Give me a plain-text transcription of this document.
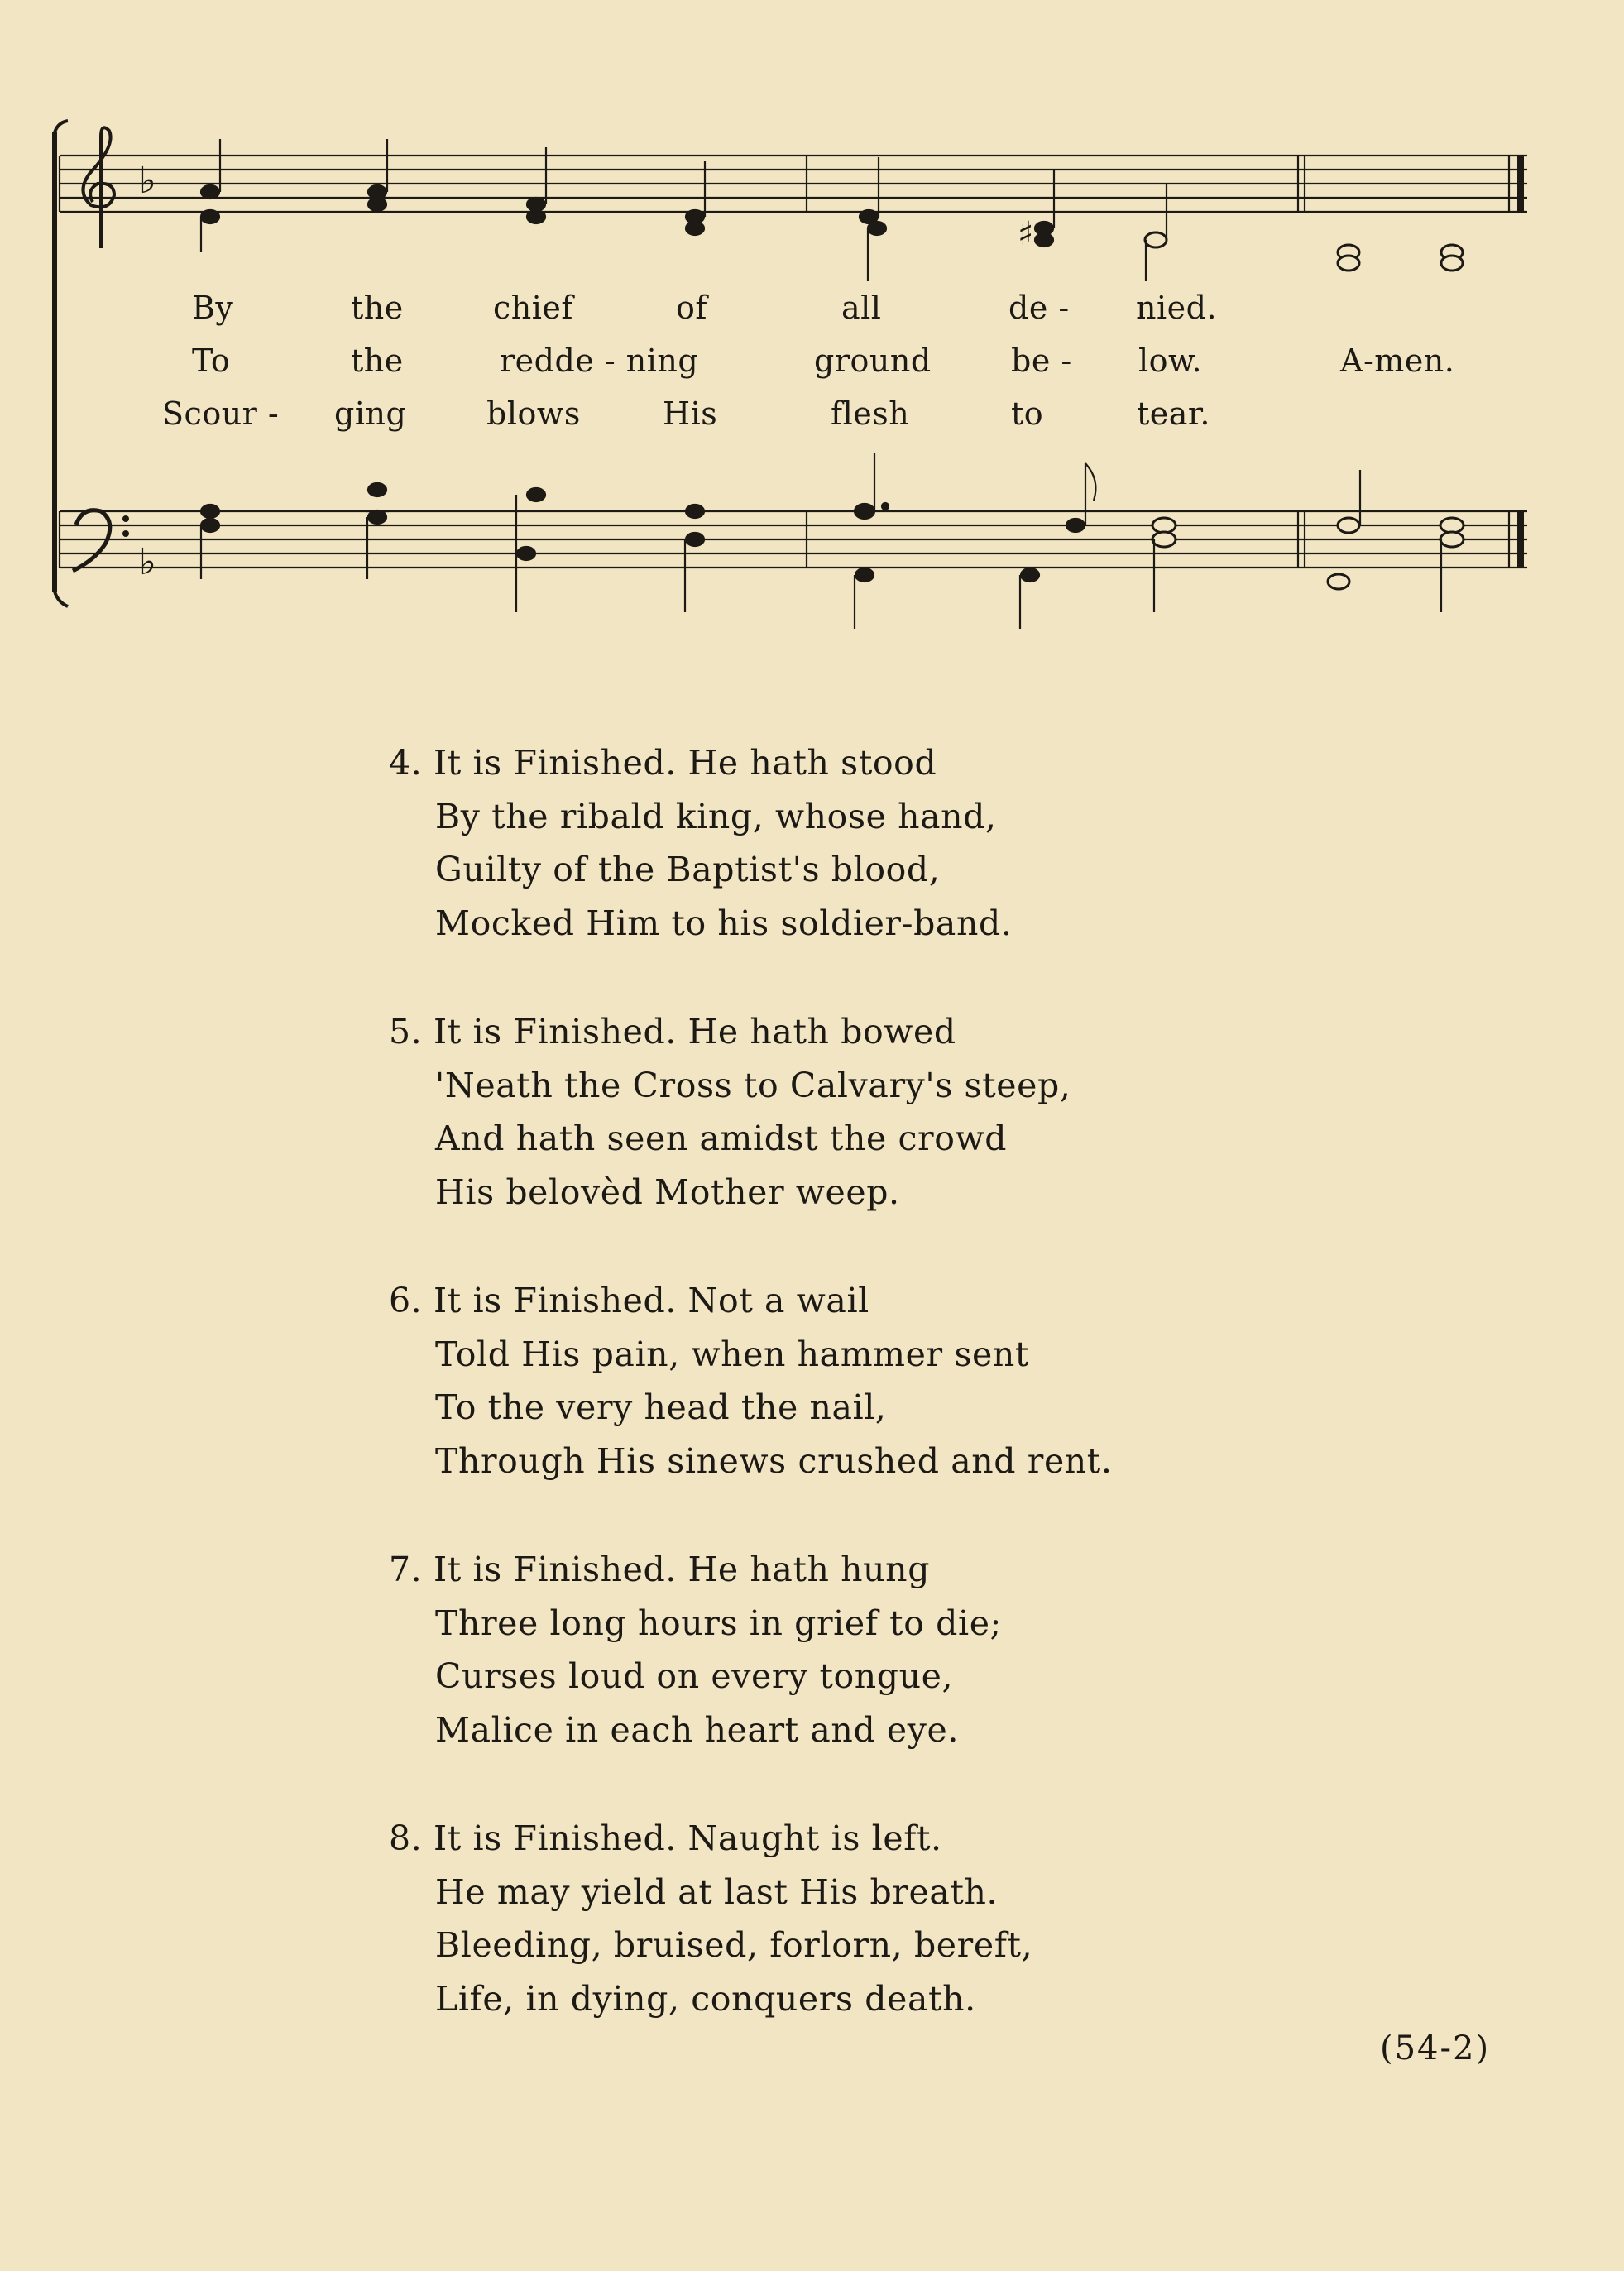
♭
♯
♭
By	the	chief	of	all	de - nied.
To	the	redde - ning	ground	be - low.	A-men.
Scour - ging	blows	His	flesh	to	tear.
4. It is Finished. He hath stood
By the ribald king, whose hand,
Guilty of the Baptist's blood,
Mocked Him to his soldier-band.
5. It is Finished. He hath bowed
'Neath the Cross to Calvary's steep,
And hath seen amidst the crowd
His belovèd Mother weep.
6. It is Finished. Not a wail
Told His pain, when hammer sent
To the very head the nail,
Through His sinews crushed and rent.
7. It is Finished. He hath hung
Three long hours in grief to die;
Curses loud on every tongue,
Malice in each heart and eye.
8. It is Finished. Naught is left.
He may yield at last His breath.
Bleeding, bruised, forlorn, bereft,
Life, in dying, conquers death.
(54-2)
